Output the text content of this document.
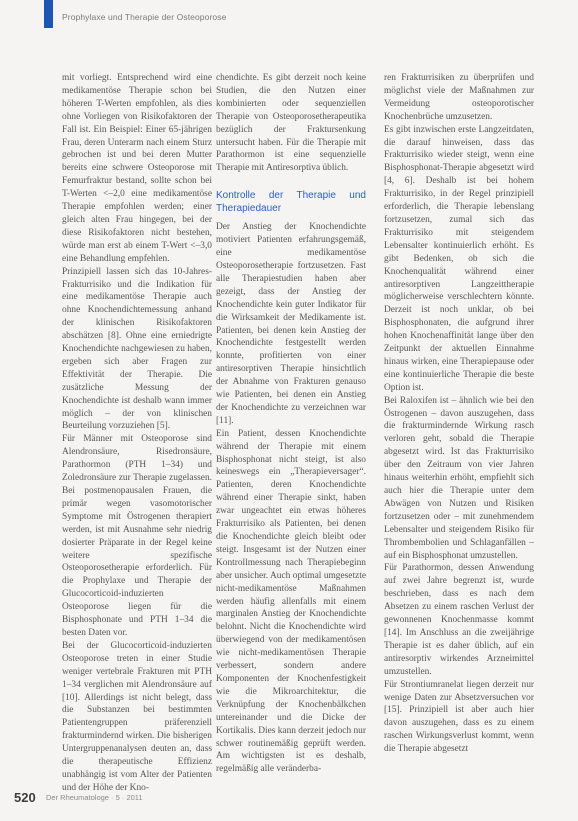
Prophylaxe und Therapie der Osteoporose

mit vorliegt. Entsprechend wird eine medikamentöse Therapie schon bei höheren T-Werten empfohlen, als dies ohne Vorliegen von Risikofaktoren der Fall ist. Ein Beispiel: Einer 65-jährigen Frau, deren Unterarm nach einem Sturz gebrochen ist und bei deren Mutter bereits eine schwere Osteoporose mit Femurfraktur bestand, sollte schon bei T-Werten <–2,0 eine medikamentöse Therapie empfohlen werden; einer gleich alten Frau hingegen, bei der diese Risikofaktoren nicht bestehen, würde man erst ab einem T-Wert <–3,0 eine Behandlung empfehlen.

Prinzipiell lassen sich das 10-Jahres-Frakturrisiko und die Indikation für eine medikamentöse Therapie auch ohne Knochendichtemessung anhand der klinischen Risikofaktoren abschätzen [8]. Ohne eine erniedrigte Knochendichte nachgewiesen zu haben, ergeben sich aber Fragen zur Effektivität der Therapie. Die zusätzliche Messung der Knochendichte ist deshalb wann immer möglich – der von klinischen Beurteilung vorzuziehen [5].

Für Männer mit Osteoporose sind Alendronsäure, Risedronsäure, Parathormon (PTH 1–34) und Zoledronsäure zur Therapie zugelassen. Bei postmenopausalen Frauen, die primär wegen vasomotorischer Symptome mit Östrogenen therapiert werden, ist mit Ausnahme sehr niedrig dosierter Präparate in der Regel keine weitere spezifische Osteoporosetherapie erforderlich. Für die Prophylaxe und Therapie der Glucocorticoid-induzierten Osteoporose liegen für die Bisphosphonate und PTH 1–34 die besten Daten vor.

Bei der Glucocorticoid-induzierten Osteoporose treten in einer Studie weniger vertebrale Frakturen mit PTH 1–34 verglichen mit Alendronsäure auf [10]. Allerdings ist nicht belegt, dass die Substanzen bei bestimmten Patientengruppen präferenziell frakturmindernd wirken. Die bisherigen Untergruppenanalysen deuten an, dass die therapeutische Effizienz unabhängig ist vom Alter der Patienten und der Höhe der Kno-

chendichte. Es gibt derzeit noch keine Studien, die den Nutzen einer kombinierten oder sequenziellen Therapie von Osteoporosetherapeutika bezüglich der Fraktursenkung untersucht haben. Für die Therapie mit Parathormon ist eine sequenzielle Therapie mit Antiresorptiva üblich.

Kontrolle der Therapie und Therapiedauer

Der Anstieg der Knochendichte motiviert Patienten erfahrungsgemäß, eine medikamentöse Osteoporosetherapie fortzusetzen. Fast alle Therapiestudien haben aber gezeigt, dass der Anstieg der Knochendichte kein guter Indikator für die Wirksamkeit der Medikamente ist. Patienten, bei denen kein Anstieg der Knochendichte festgestellt werden konnte, profitierten von einer antiresorptiven Therapie hinsichtlich der Abnahme von Frakturen genauso wie Patienten, bei denen ein Anstieg der Knochendichte zu verzeichnen war [11].

Ein Patient, dessen Knochendichte während der Therapie mit einem Bisphosphonat nicht steigt, ist also keineswegs ein „Therapieversager“. Patienten, deren Knochendichte während einer Therapie sinkt, haben zwar ungeachtet ein etwas höheres Frakturrisiko als Patienten, bei denen die Knochendichte gleich bleibt oder steigt. Insgesamt ist der Nutzen einer Kontrollmessung nach Therapiebeginn aber unsicher. Auch optimal umgesetzte nicht-medikamentöse Maßnahmen werden häufig allenfalls mit einem marginalen Anstieg der Knochendichte belohnt. Nicht die Knochendichte wird überwiegend von der medikamentösen wie nicht-medikamentösen Therapie verbessert, sondern andere Komponenten der Knochenfestigkeit wie die Mikroarchitektur, die Verknüpfung der Knochenbälkchen untereinander und die Dicke der Kortikalis. Dies kann derzeit jedoch nur schwer routinemäßig geprüft werden. Am wichtigsten ist es deshalb, regelmäßig alle veränderba-

ren Frakturrisiken zu überprüfen und möglichst viele der Maßnahmen zur Vermeidung osteoporotischer Knochenbrüche umzusetzen.

Es gibt inzwischen erste Langzeitdaten, die darauf hinweisen, dass das Frakturrisiko wieder steigt, wenn eine Bisphosphonat-Therapie abgesetzt wird [4, 6]. Deshalb ist bei hohem Frakturrisiko, in der Regel prinzipiell erforderlich, die Therapie lebenslang fortzusetzen, zumal sich das Frakturrisiko mit steigendem Lebensalter kontinuierlich erhöht. Es gibt Bedenken, ob sich die Knochenqualität während einer antiresorptiven Langzeittherapie möglicherweise verschlechtern könnte. Derzeit ist noch unklar, ob bei Bisphosphonaten, die aufgrund ihrer hohen Knochenaffinität lange über den Zeitpunkt der aktuellen Einnahme hinaus wirken, eine Therapiepause oder eine kontinuierliche Therapie die beste Option ist.

Bei Raloxifen ist – ähnlich wie bei den Östrogenen – davon auszugehen, dass die frakturmindernde Wirkung rasch verloren geht, sobald die Therapie abgesetzt wird. Ist das Frakturrisiko über den Zeitraum von vier Jahren hinaus weiterhin erhöht, empfiehlt sich auch hier die Therapie unter dem Abwägen von Nutzen und Risiken fortzusetzen oder – mit zunehmendem Lebensalter und steigendem Risiko für Thrombembolien und Schlaganfällen – auf ein Bisphosphonat umzustellen.

Für Parathormon, dessen Anwendung auf zwei Jahre begrenzt ist, wurde beschrieben, dass es nach dem Absetzen zu einem raschen Verlust der gewonnenen Knochenmasse kommt [14]. Im Anschluss an die zweijährige Therapie ist es daher üblich, auf ein antiresorptiv wirkendes Arzneimittel umzustellen.

Für Strontiumranelat liegen derzeit nur wenige Daten zur Absetzversuchen vor [15]. Prinzipiell ist aber auch hier davon auszugehen, dass es zu einem raschen Wirkungsverlust kommt, wenn die Therapie abgesetzt

520 Der Rheumatologe · 5 · 2011
